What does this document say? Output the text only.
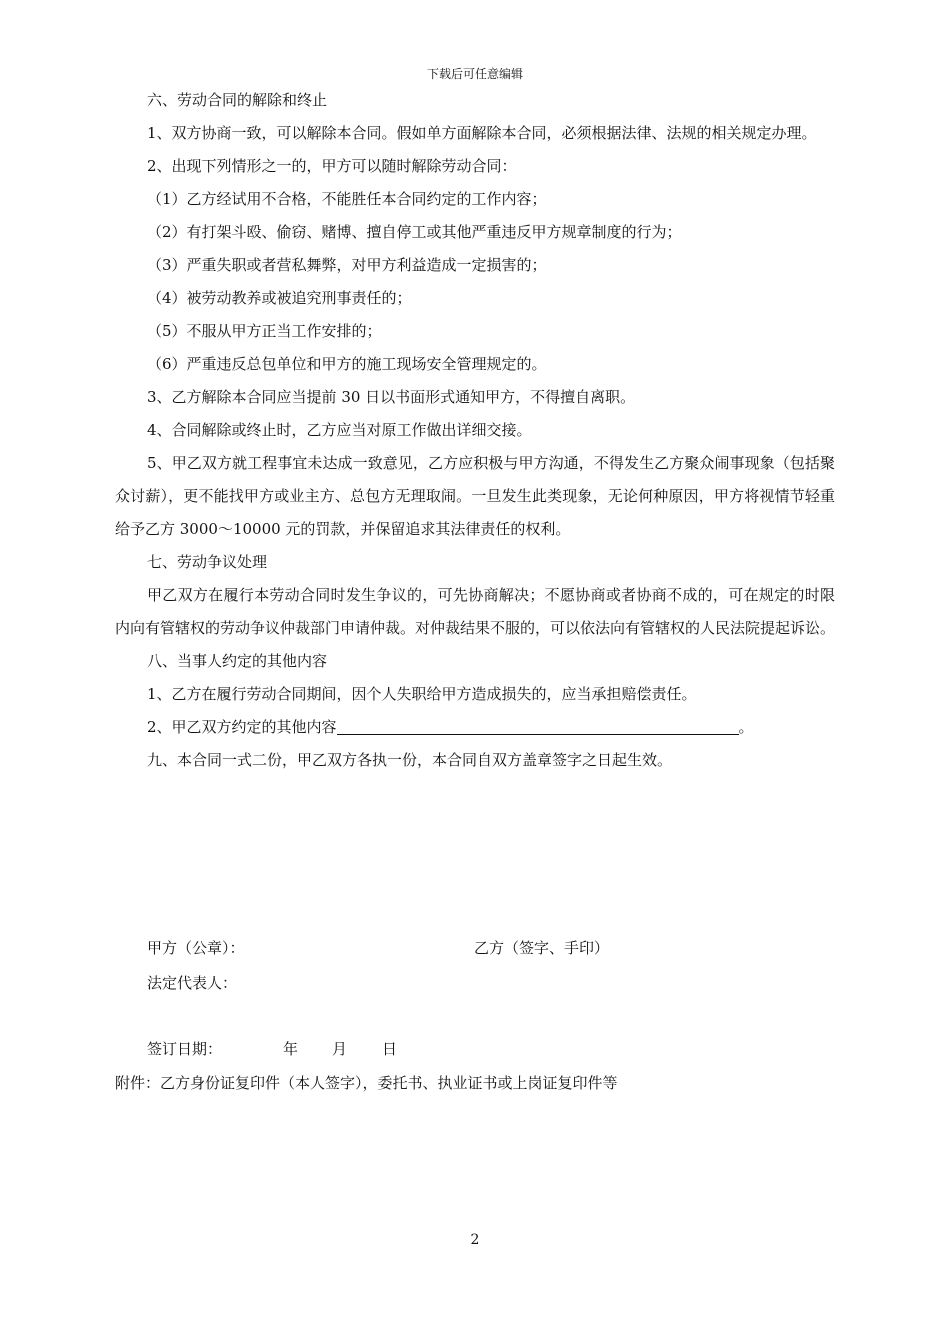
下载后可任意编辑

六、劳动合同的解除和终止

1、双方协商一致，可以解除本合同。假如单方面解除本合同，必须根据法律、法规的相关规定办理。

2、出现下列情形之一的，甲方可以随时解除劳动合同：

（1）乙方经试用不合格，不能胜任本合同约定的工作内容；

（2）有打架斗殴、偷窃、赌博、擅自停工或其他严重违反甲方规章制度的行为；

（3）严重失职或者营私舞弊，对甲方利益造成一定损害的；

（4）被劳动教养或被追究刑事责任的；

（5）不服从甲方正当工作安排的；

（6）严重违反总包单位和甲方的施工现场安全管理规定的。

3、乙方解除本合同应当提前 30 日以书面形式通知甲方，不得擅自离职。

4、合同解除或终止时，乙方应当对原工作做出详细交接。

5、甲乙双方就工程事宜未达成一致意见，乙方应积极与甲方沟通，不得发生乙方聚众闹事现象（包括聚众讨薪），更不能找甲方或业主方、总包方无理取闹。一旦发生此类现象，无论何种原因，甲方将视情节轻重给予乙方 3000～10000 元的罚款，并保留追求其法律责任的权利。

七、劳动争议处理

甲乙双方在履行本劳动合同时发生争议的，可先协商解决；不愿协商或者协商不成的，可在规定的时限内向有管辖权的劳动争议仲裁部门申请仲裁。对仲裁结果不服的，可以依法向有管辖权的人民法院提起诉讼。

八、当事人约定的其他内容

1、乙方在履行劳动合同期间，因个人失职给甲方造成损失的，应当承担赔偿责任。

2、甲乙双方约定的其他内容	。

九、本合同一式二份，甲乙双方各执一份，本合同自双方盖章签字之日起生效。

甲方（公章）：	乙方（签字、手印）
法定代表人：
签订日期：	年 月 日
附件：乙方身份证复印件（本人签字），委托书、执业证书或上岗证复印件等
2
